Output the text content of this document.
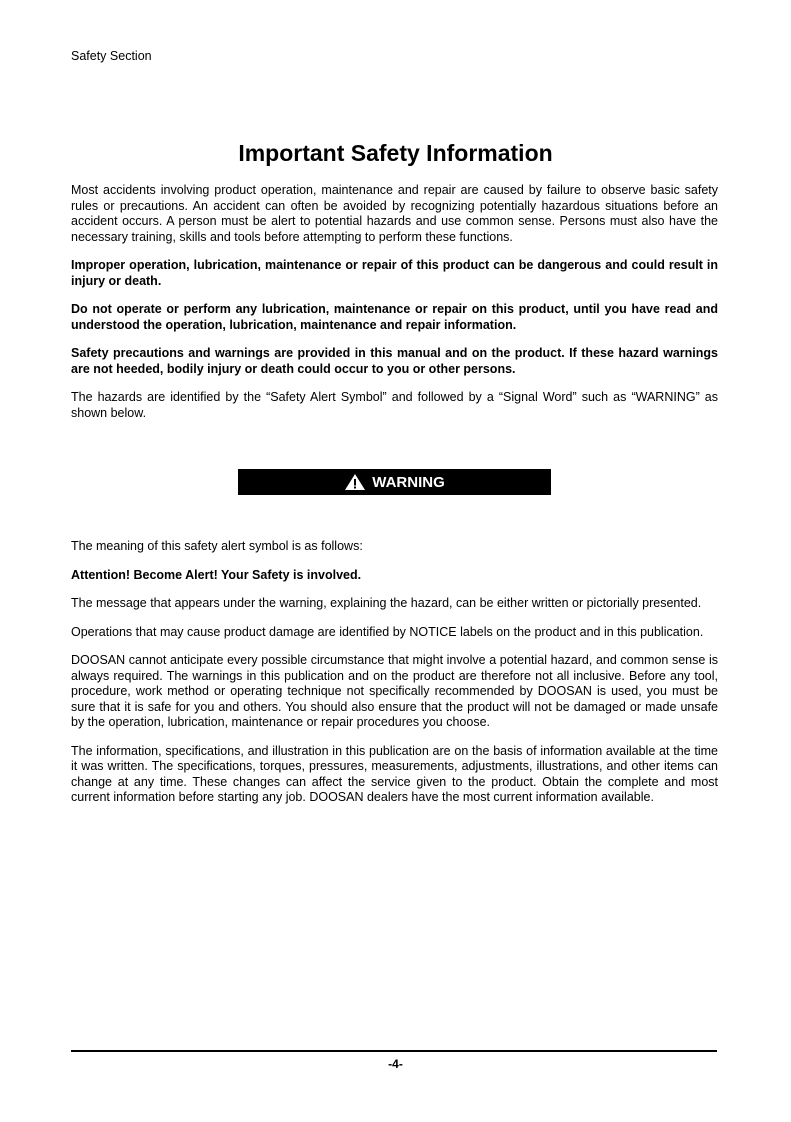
Safety Section
Important Safety Information

Most accidents involving product operation, maintenance and repair are caused by failure to observe basic safety rules or precautions. An accident can often be avoided by recognizing potentially hazardous situations before an accident occurs. A person must be alert to potential hazards and use common sense. Persons must also have the necessary training, skills and tools before attempting to perform these functions.

Improper operation, lubrication, maintenance or repair of this product can be dangerous and could result in injury or death.

Do not operate or perform any lubrication, maintenance or repair on this product, until you have read and understood the operation, lubrication, maintenance and repair information.

Safety precautions and warnings are provided in this manual and on the product. If these hazard warnings are not heeded, bodily injury or death could occur to you or other persons.

The hazards are identified by the “Safety Alert Symbol” and followed by a “Signal Word” such as “WARNING” as shown below.

WARNING

The meaning of this safety alert symbol is as follows:

Attention! Become Alert! Your Safety is involved.

The message that appears under the warning, explaining the hazard, can be either written or pictorially presented.

Operations that may cause product damage are identified by NOTICE labels on the product and in this publication.

DOOSAN cannot anticipate every possible circumstance that might involve a potential hazard, and common sense is always required. The warnings in this publication and on the product are therefore not all inclusive. Before any tool, procedure, work method or operating technique not specifically recommended by DOOSAN is used, you must be sure that it is safe for you and others. You should also ensure that the product will not be damaged or made unsafe by the operation, lubrication, maintenance or repair procedures you choose.

The information, specifications, and illustration in this publication are on the basis of information available at the time it was written. The specifications, torques, pressures, measurements, adjustments, illustrations, and other items can change at any time. These changes can affect the service given to the product. Obtain the complete and most current information before starting any job. DOOSAN dealers have the most current information available.

-4-
